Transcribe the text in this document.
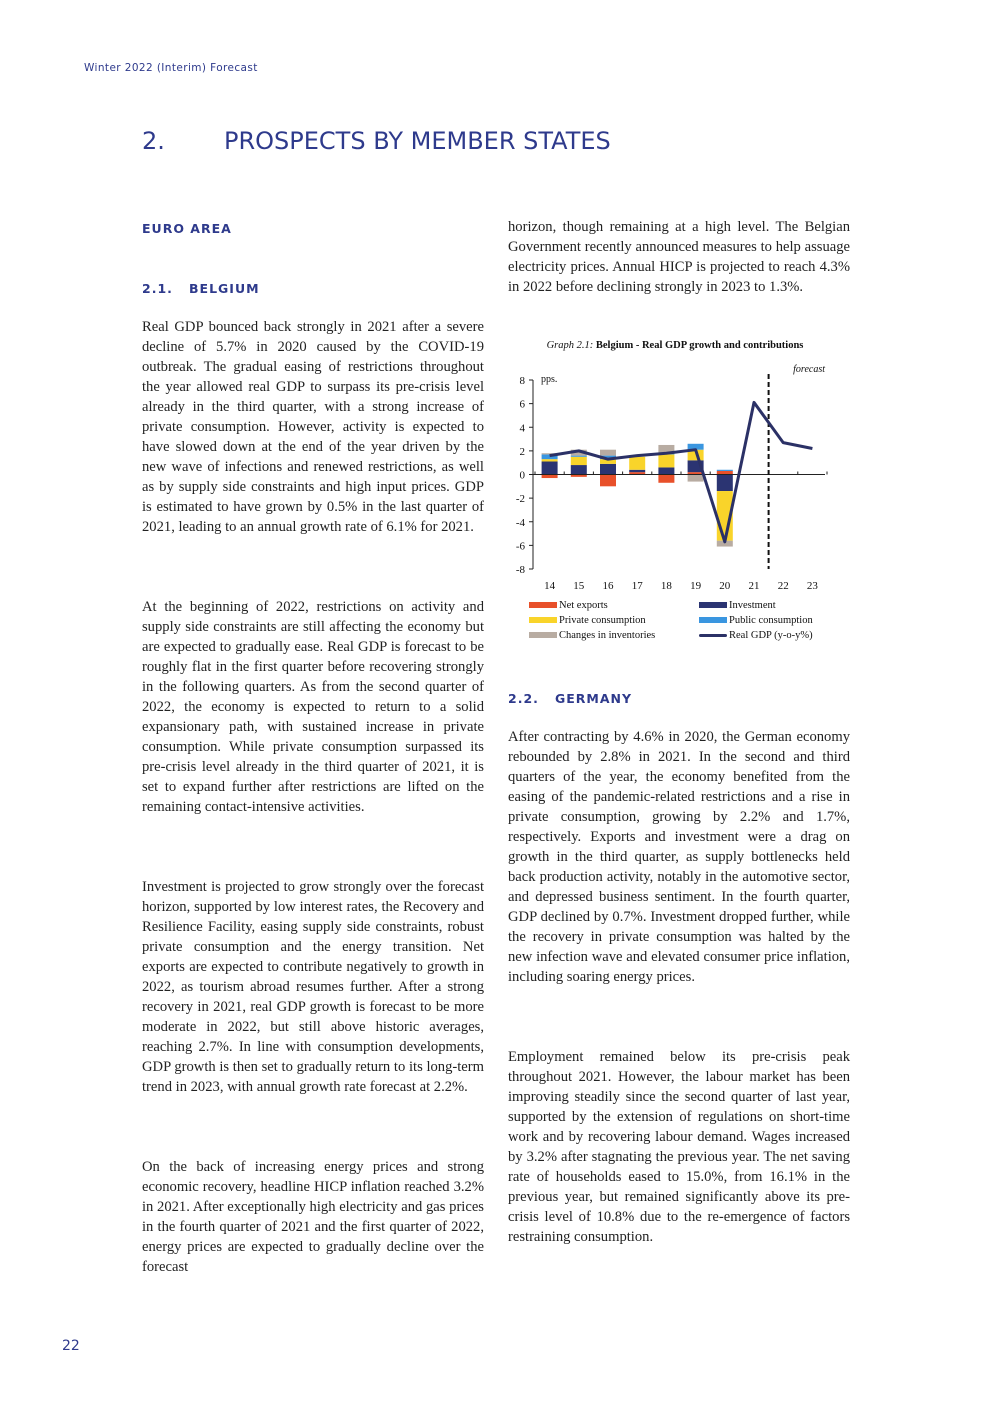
Winter 2022 (Interim) Forecast
2. PROSPECTS BY MEMBER STATES
EURO AREA
2.1. BELGIUM

Real GDP bounced back strongly in 2021 after a severe decline of 5.7% in 2020 caused by the COVID-19 outbreak. The gradual easing of restrictions throughout the year allowed real GDP to surpass its pre-crisis level already in the third quarter, with a strong increase of private consumption. However, activity is expected to have slowed down at the end of the year driven by the new wave of infections and renewed restrictions, as well as by supply side constraints and high input prices. GDP is estimated to have grown by 0.5% in the last quarter of 2021, leading to an annual growth rate of 6.1% for 2021.

At the beginning of 2022, restrictions on activity and supply side constraints are still affecting the economy but are expected to gradually ease. Real GDP is forecast to be roughly flat in the first quarter before recovering strongly in the following quarters. As from the second quarter of 2022, the economy is expected to return to a solid expansionary path, with sustained increase in private consumption. While private consumption surpassed its pre-crisis level already in the third quarter of 2021, it is set to expand further after restrictions are lifted on the remaining contact-intensive activities.

Investment is projected to grow strongly over the forecast horizon, supported by low interest rates, the Recovery and Resilience Facility, easing supply side constraints, robust private consumption and the energy transition. Net exports are expected to contribute negatively to growth in 2022, as tourism abroad resumes further. After a strong recovery in 2021, real GDP growth is forecast to be more moderate in 2022, but still above historic averages, reaching 2.7%. In line with consumption developments, GDP growth is then set to gradually return to its long-term trend in 2023, with annual growth rate forecast at 2.2%.

On the back of increasing energy prices and strong economic recovery, headline HICP inflation reached 3.2% in 2021. After exceptionally high electricity and gas prices in the fourth quarter of 2021 and the first quarter of 2022, energy prices are expected to gradually decline over the forecast

horizon, though remaining at a high level. The Belgian Government recently announced measures to help assuage electricity prices. Annual HICP is projected to reach 4.3% in 2022 before declining strongly in 2023 to 1.3%.

Graph 2.1: Belgium - Real GDP growth and contributions
8
6
4
2
0
-2
-4
-6
-8
pps.
14 15 16 17 18 19 20 21 22 23
forecast
Net exports	Investment
Private consumption	Public consumption
Changes in inventories	Real GDP (y-o-y%)
2.2. GERMANY

After contracting by 4.6% in 2020, the German economy rebounded by 2.8% in 2021. In the second and third quarters of the year, the economy benefited from the easing of the pandemic-related restrictions and a rise in private consumption, growing by 2.2% and 1.7%, respectively. Exports and investment were a drag on growth in the third quarter, as supply bottlenecks held back production activity, notably in the automotive sector, and depressed business sentiment. In the fourth quarter, GDP declined by 0.7%. Investment dropped further, while the recovery in private consumption was halted by the new infection wave and elevated consumer price inflation, including soaring energy prices.

Employment remained below its pre-crisis peak throughout 2021. However, the labour market has been improving steadily since the second quarter of last year, supported by the extension of regulations on short-time work and by recovering labour demand. Wages increased by 3.2% after stagnating the previous year. The net saving rate of households eased to 15.0%, from 16.1% in the previous year, but remained significantly above its pre-crisis level of 10.8% due to the re-emergence of factors restraining consumption.

22
